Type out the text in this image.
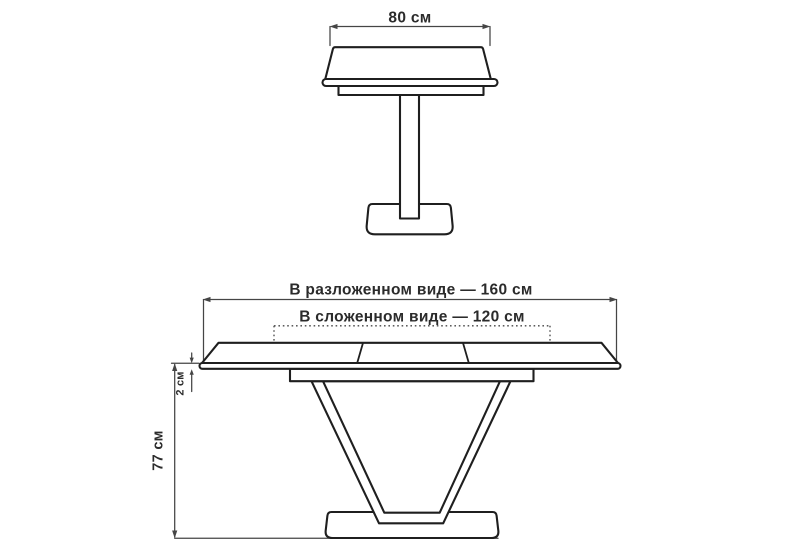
80 см
В разложенном виде — 160 см
В сложенном виде — 120 см
77 см
2 см
